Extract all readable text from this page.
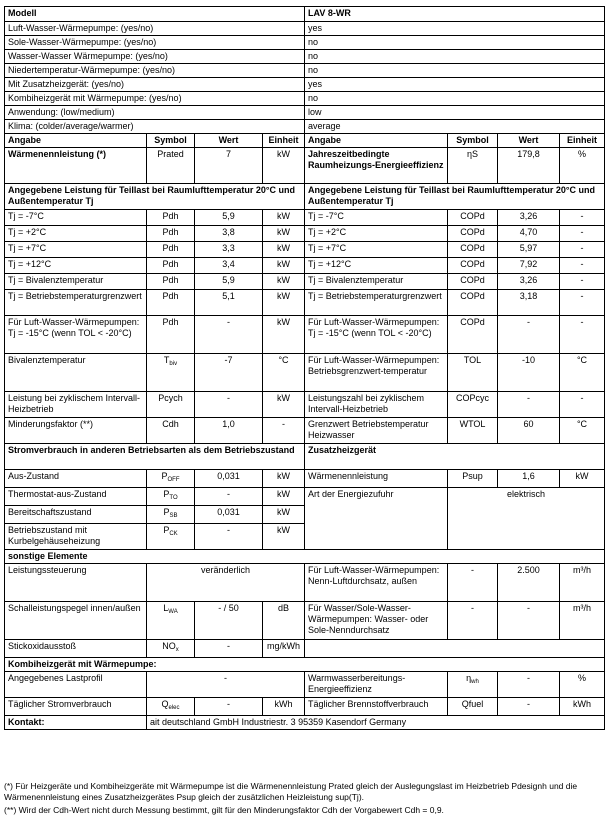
Modell				LAV 8-WR			
Luft-Wasser-Wärmepumpe: (yes/no)				yes			
Sole-Wasser-Wärmepumpe: (yes/no)				no			
Wasser-Wasser Wärmepumpe: (yes/no)				no			
Niedertemperatur-Wärmepumpe: (yes/no)				no			
Mit Zusatzheizgerät: (yes/no)				yes			
Kombiheizgerät mit Wärmepumpe: (yes/no)				no			
Anwendung: (low/medium)				low			
Klima: (colder/average/warmer)				average			
Angabe	Symbol	Wert	Einheit	Angabe	Symbol	Wert	Einheit
Wärmenennleistung (*)	Prated	7	kW	Jahreszeitbedingte Raumheizungs-Energieeffizienz	ηS	179,8	%
Angegebene Leistung für Teillast bei Raumlufttemperatur 20°C und Außentemperatur Tj				Angegebene Leistung für Teillast bei Raumlufttemperatur 20°C und Außentemperatur Tj			
Tj = -7°C	Pdh	5,9	kW	Tj = -7°C	COPd	3,26	-
Tj = +2°C	Pdh	3,8	kW	Tj = +2°C	COPd	4,70	-
Tj = +7°C	Pdh	3,3	kW	Tj = +7°C	COPd	5,97	-
Tj = +12°C	Pdh	3,4	kW	Tj = +12°C	COPd	7,92	-
Tj = Bivalenztemperatur	Pdh	5,9	kW	Tj = Bivalenztemperatur	COPd	3,26	-
Tj = Betriebstemperaturgrenzwert	Pdh	5,1	kW	Tj = Betriebstemperaturgrenzwert	COPd	3,18	-
Für Luft-Wasser-Wärmepumpen: Tj = -15°C (wenn TOL < -20°C)	Pdh	-	kW	Für Luft-Wasser-Wärmepumpen: Tj = -15°C (wenn TOL < -20°C)	COPd	-	-
Bivalenztemperatur	$T_{biv}$	-7	°C	Für Luft-Wasser-Wärmepumpen: Betriebsgrenzwert-temperatur	TOL	-10	°C
Leistung bei zyklischem Intervall-Heizbetrieb	Pcych	-	kW	Leistungszahl bei zyklischem Intervall-Heizbetrieb	COPcyc	-	-
Minderungsfaktor (**)	Cdh	1,0	-	Grenzwert Betriebstemperatur Heizwasser	WTOL	60	°C
Stromverbrauch in anderen Betriebsarten als dem Betriebszustand				Zusatzheizgerät			
Aus-Zustand	$P_{OFF}$	0,031	kW	Wärmenennleistung	Psup	1,6	kW
Thermostat-aus-Zustand	$P_{TO}$	-	kW	Art der Energiezufuhr	elektrisch		
Bereitschaftszustand	$P_{SB}$	0,031	kW				
Betriebszustand mit Kurbelgehäuseheizung	$P_{CK}$	-	kW				
sonstige Elemente							
Leistungssteuerung	veränderlich			Für Luft-Wasser-Wärmepumpen: Nenn-Luftdurchsatz, außen	-	2.500	m³/h
Schalleistungspegel innen/außen	$L_{WA}$	- / 50	dB	Für Wasser/Sole-Wasser-Wärmepumpen: Wasser- oder Sole-Nenndurchsatz	-	-	m³/h
Stickoxidausstoß	$NO_x$	-	mg/kWh				
Kombiheizgerät mit Wärmepumpe:							
Angegebenes Lastprofil	-			Warmwasserbereitungs-Energieeffizienz	$\eta_{wh}$	-	%
Täglicher Stromverbrauch	$Q_{elec}$	-	kWh	Täglicher Brennstoffverbrauch	Qfuel	-	kWh
Kontakt:	ait deutschland GmbH Industriestr. 3 95359 Kasendorf Germany						

(*) Für Heizgeräte und Kombiheizgeräte mit Wärmepumpe ist die Wärmenennleistung Prated gleich der Auslegungslast im Heizbetrieb Pdesignh und die Wärmenennleistung eines Zusatzheizgerätes Psup gleich der zusätzlichen Heizleistung sup(Tj).

(**) Wird der Cdh-Wert nicht durch Messung bestimmt, gilt für den Minderungsfaktor Cdh der Vorgabewert Cdh = 0,9.
